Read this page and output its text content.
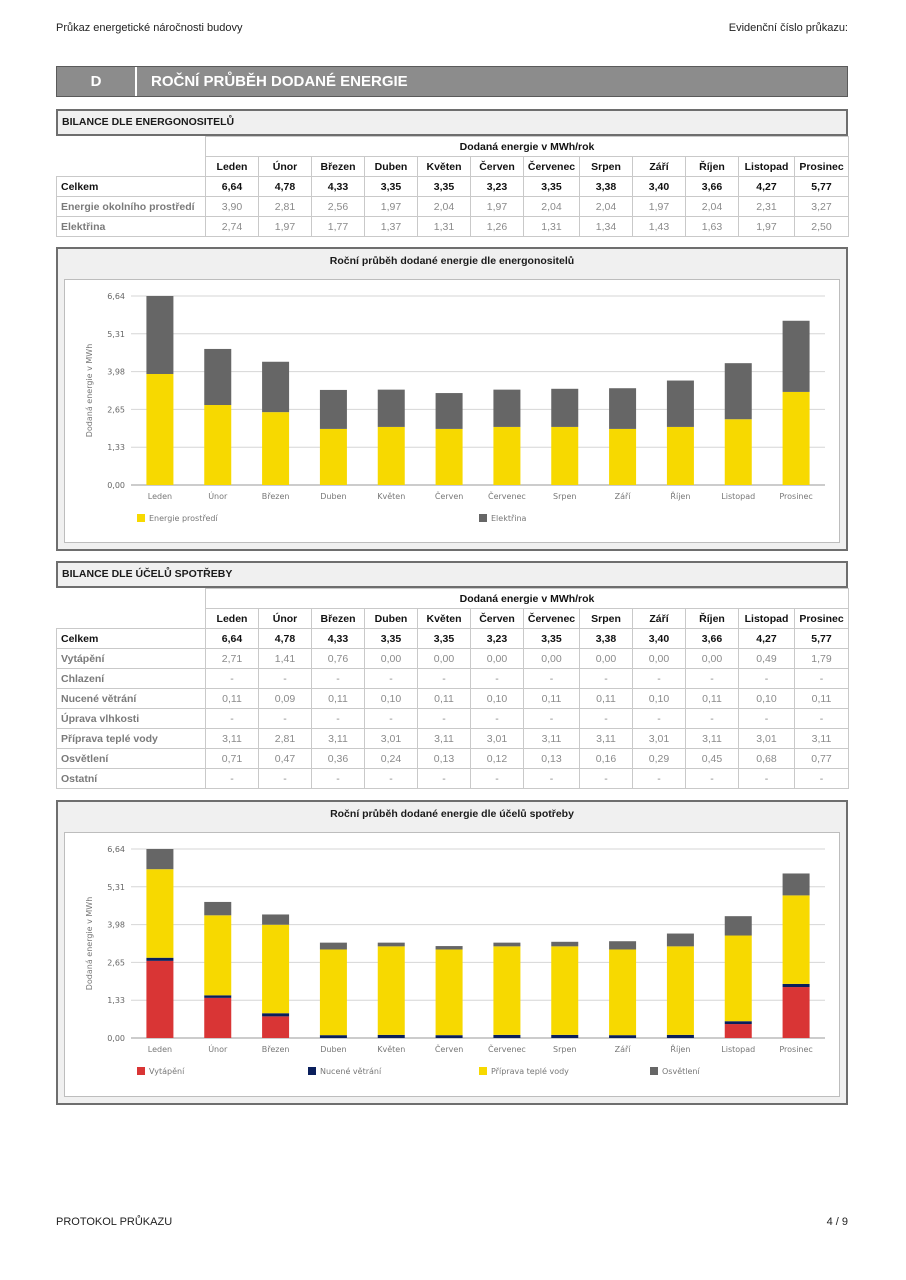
Průkaz energetické náročnosti budovy	Evidenční číslo průkazu:
D	ROČNÍ PRŮBĚH DODANÉ ENERGIE
BILANCE DLE ENERGONOSITELŮ
	Dodaná energie v MWh/rok											
	Leden	Únor	Březen	Duben	Květen	Červen	Červenec	Srpen	Září	Říjen	Listopad	Prosinec
Celkem	6,64	4,78	4,33	3,35	3,35	3,23	3,35	3,38	3,40	3,66	4,27	5,77
Energie okolního prostředí	3,90	2,81	2,56	1,97	2,04	1,97	2,04	2,04	1,97	2,04	2,31	3,27
Elektřina	2,74	1,97	1,77	1,37	1,31	1,26	1,31	1,34	1,43	1,63	1,97	2,50
Roční průběh dodané energie dle energonositelů
0,00
1,33
2,65
3,98
5,31
6,64
Dodaná energie v MWh
Leden	Únor	Březen	Duben	Květen	Červen	Červenec	Srpen	Září	Říjen	Listopad	Prosinec
Energie prostředí	Elektřina
BILANCE DLE ÚČELŮ SPOTŘEBY
	Dodaná energie v MWh/rok											
	Leden	Únor	Březen	Duben	Květen	Červen	Červenec	Srpen	Září	Říjen	Listopad	Prosinec
Celkem	6,64	4,78	4,33	3,35	3,35	3,23	3,35	3,38	3,40	3,66	4,27	5,77
Vytápění	2,71	1,41	0,76	0,00	0,00	0,00	0,00	0,00	0,00	0,00	0,49	1,79
Chlazení	-	-	-	-	-	-	-	-	-	-	-	-
Nucené větrání	0,11	0,09	0,11	0,10	0,11	0,10	0,11	0,11	0,10	0,11	0,10	0,11
Úprava vlhkosti	-	-	-	-	-	-	-	-	-	-	-	-
Příprava teplé vody	3,11	2,81	3,11	3,01	3,11	3,01	3,11	3,11	3,01	3,11	3,01	3,11
Osvětlení	0,71	0,47	0,36	0,24	0,13	0,12	0,13	0,16	0,29	0,45	0,68	0,77
Ostatní	-	-	-	-	-	-	-	-	-	-	-	-
Roční průběh dodané energie dle účelů spotřeby
0,00
1,33
2,65
3,98
5,31
6,64
Dodaná energie v MWh
Leden	Únor	Březen	Duben	Květen	Červen	Červenec	Srpen	Září	Říjen	Listopad	Prosinec
Vytápění	Nucené větrání	Příprava teplé vody	Osvětlení
PROTOKOL PRŮKAZU	4 / 9
